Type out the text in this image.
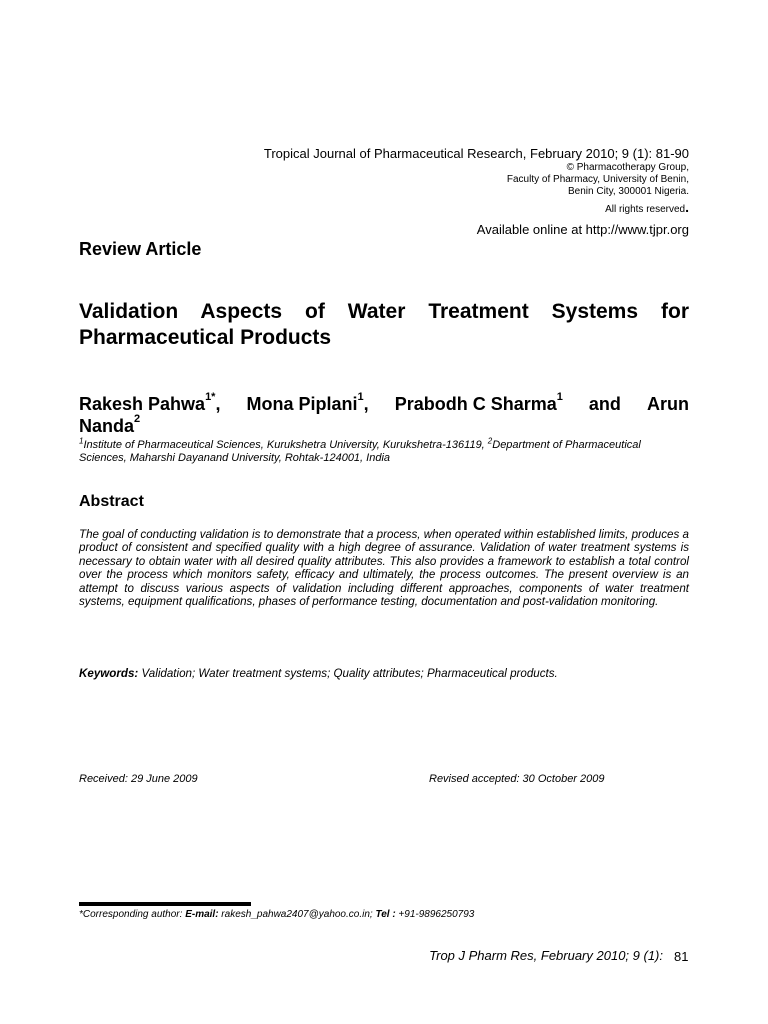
Tropical Journal of Pharmaceutical Research, February 2010; 9 (1): 81-90
© Pharmacotherapy Group,
Faculty of Pharmacy, University of Benin,
Benin City, 300001 Nigeria.
All rights reserved.
Available online at http://www.tjpr.org
Review Article
Validation Aspects of Water Treatment Systems for
Pharmaceutical Products
Rakesh Pahwa$^{1*}$, Mona Piplani$^1$, Prabodh C Sharma$^1$ and Arun
Nanda$^2$
$^1$Institute of Pharmaceutical Sciences, Kurukshetra University, Kurukshetra-136119, $^2$Department of Pharmaceutical Sciences, Maharshi Dayanand University, Rohtak-124001, India
Abstract
The goal of conducting validation is to demonstrate that a process, when operated within established limits, produces a product of consistent and specified quality with a high degree of assurance. Validation of water treatment systems is necessary to obtain water with all desired quality attributes. This also provides a framework to establish a total control over the process which monitors safety, efficacy and ultimately, the process outcomes. The present overview is an attempt to discuss various aspects of validation including different approaches, components of water treatment systems, equipment qualifications, phases of performance testing, documentation and post-validation monitoring.
Keywords: Validation; Water treatment systems; Quality attributes; Pharmaceutical products.
Received: 29 June 2009	Revised accepted: 30 October 2009
*Corresponding author: E-mail: rakesh_pahwa2407@yahoo.co.in; Tel : +91-9896250793
Trop J Pharm Res, February 2010; 9 (1): 81
